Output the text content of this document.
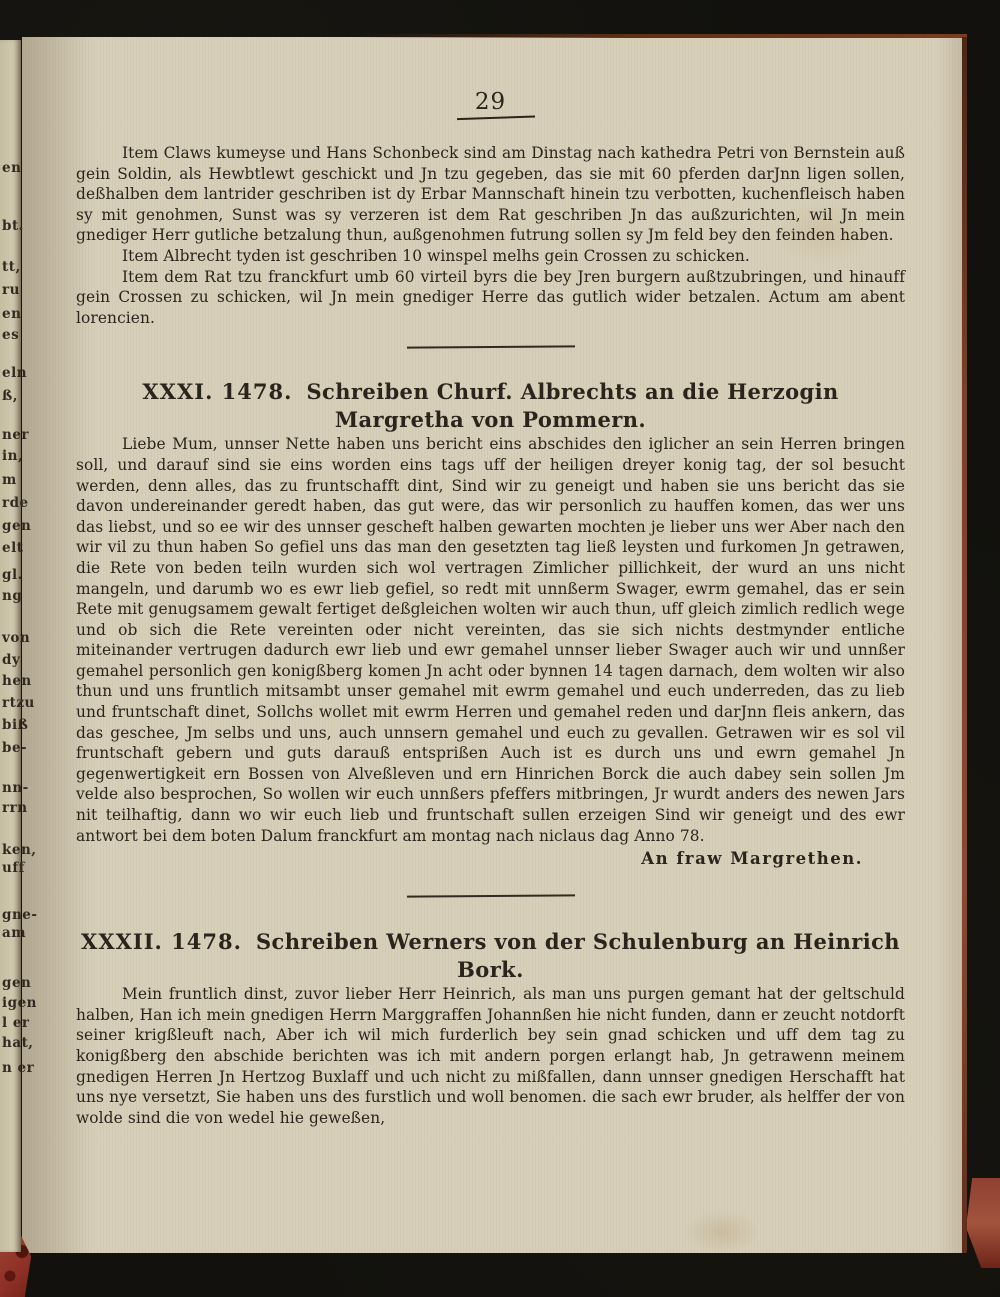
en
bt.
tt,
ru
en
es
eln
ß,
ner
in,
m
rde
gen
elt
gl.
ng
von
dy
hen
rtzu
biß
be-
nn-
rrn
ken,
uff
gne-
am
gen
igen
l er
hat,
n er
29

Item Claws kumeyse und Hans Schonbeck sind am Dinstag nach kathedra Petri von Bernstein auß gein Soldin, als Hewbtlewt geschickt und Jn tzu gegeben, das sie mit 60 pferden darJnn ligen sollen, deßhalben dem lantrider geschriben ist dy Erbar Mannschaft hinein tzu verbotten, kuchenfleisch haben sy mit genohmen, Sunst was sy verzeren ist dem Rat geschriben Jn das außzurichten, wil Jn mein gnediger Herr gutliche betzalung thun, außgenohmen futrung sollen sy Jm feld bey den feinden haben.

Item Albrecht tyden ist geschriben 10 winspel melhs gein Crossen zu schicken.

Item dem Rat tzu franckfurt umb 60 virteil byrs die bey Jren burgern außtzubringen, und hinauff gein Crossen zu schicken, wil Jn mein gnediger Herre das gutlich wider betzalen. Actum am abent lorencien.

XXXI. 1478. Schreiben Churf. Albrechts an die Herzogin Margretha von Pommern.

Liebe Mum, unnser Nette haben uns bericht eins abschides den iglicher an sein Herren bringen soll, und darauf sind sie eins worden eins tags uff der heiligen dreyer konig tag, der sol besucht werden, denn alles, das zu fruntschafft dint, Sind wir zu geneigt und haben sie uns bericht das sie davon undereinander geredt haben, das gut were, das wir personlich zu hauffen komen, das wer uns das liebst, und so ee wir des unnser gescheft halben gewarten mochten je lieber uns wer Aber nach den wir vil zu thun haben So gefiel uns das man den gesetzten tag ließ leysten und furkomen Jn getrawen, die Rete von beden teiln wurden sich wol vertragen Zimlicher pillichkeit, der wurd an uns nicht mangeln, und darumb wo es ewr lieb gefiel, so redt mit unnßerm Swager, ewrm gemahel, das er sein Rete mit genugsamem gewalt fertiget deßgleichen wolten wir auch thun, uff gleich zimlich redlich wege und ob sich die Rete vereinten oder nicht vereinten, das sie sich nichts destmynder entliche miteinander vertrugen dadurch ewr lieb und ewr gemahel unnser lieber Swager auch wir und unnßer gemahel personlich gen konigßberg komen Jn acht oder bynnen 14 tagen darnach, dem wolten wir also thun und uns fruntlich mitsambt unser gemahel mit ewrm gemahel und euch underreden, das zu lieb und fruntschaft dinet, Sollchs wollet mit ewrm Herren und gemahel reden und darJnn fleis ankern, das das geschee, Jm selbs und uns, auch unnsern gemahel und euch zu gevallen. Getrawen wir es sol vil fruntschaft gebern und guts darauß entsprißen Auch ist es durch uns und ewrn gemahel Jn gegenwertigkeit ern Bossen von Alveßleven und ern Hinrichen Borck die auch dabey sein sollen Jm velde also besprochen, So wollen wir euch unnßers pfeffers mitbringen, Jr wurdt anders des newen Jars nit teilhaftig, dann wo wir euch lieb und fruntschaft sullen erzeigen Sind wir geneigt und des ewr antwort bei dem boten Dalum franckfurt am montag nach niclaus dag Anno 78.

An fraw Margrethen.
XXXII. 1478. Schreiben Werners von der Schulenburg an Heinrich Bork.

Mein fruntlich dinst, zuvor lieber Herr Heinrich, als man uns purgen gemant hat der geltschuld halben, Han ich mein gnedigen Herrn Marggraffen Johannßen hie nicht funden, dann er zeucht notdorft seiner krigßleuft nach, Aber ich wil mich furderlich bey sein gnad schicken und uff dem tag zu konigßberg den abschide berichten was ich mit andern porgen erlangt hab, Jn getrawenn meinem gnedigen Herren Jn Hertzog Buxlaff und uch nicht zu mißfallen, dann unnser gnedigen Herschafft hat uns nye versetzt, Sie haben uns des furstlich und woll benomen. die sach ewr bruder, als helffer der von wolde sind die von wedel hie geweßen,
